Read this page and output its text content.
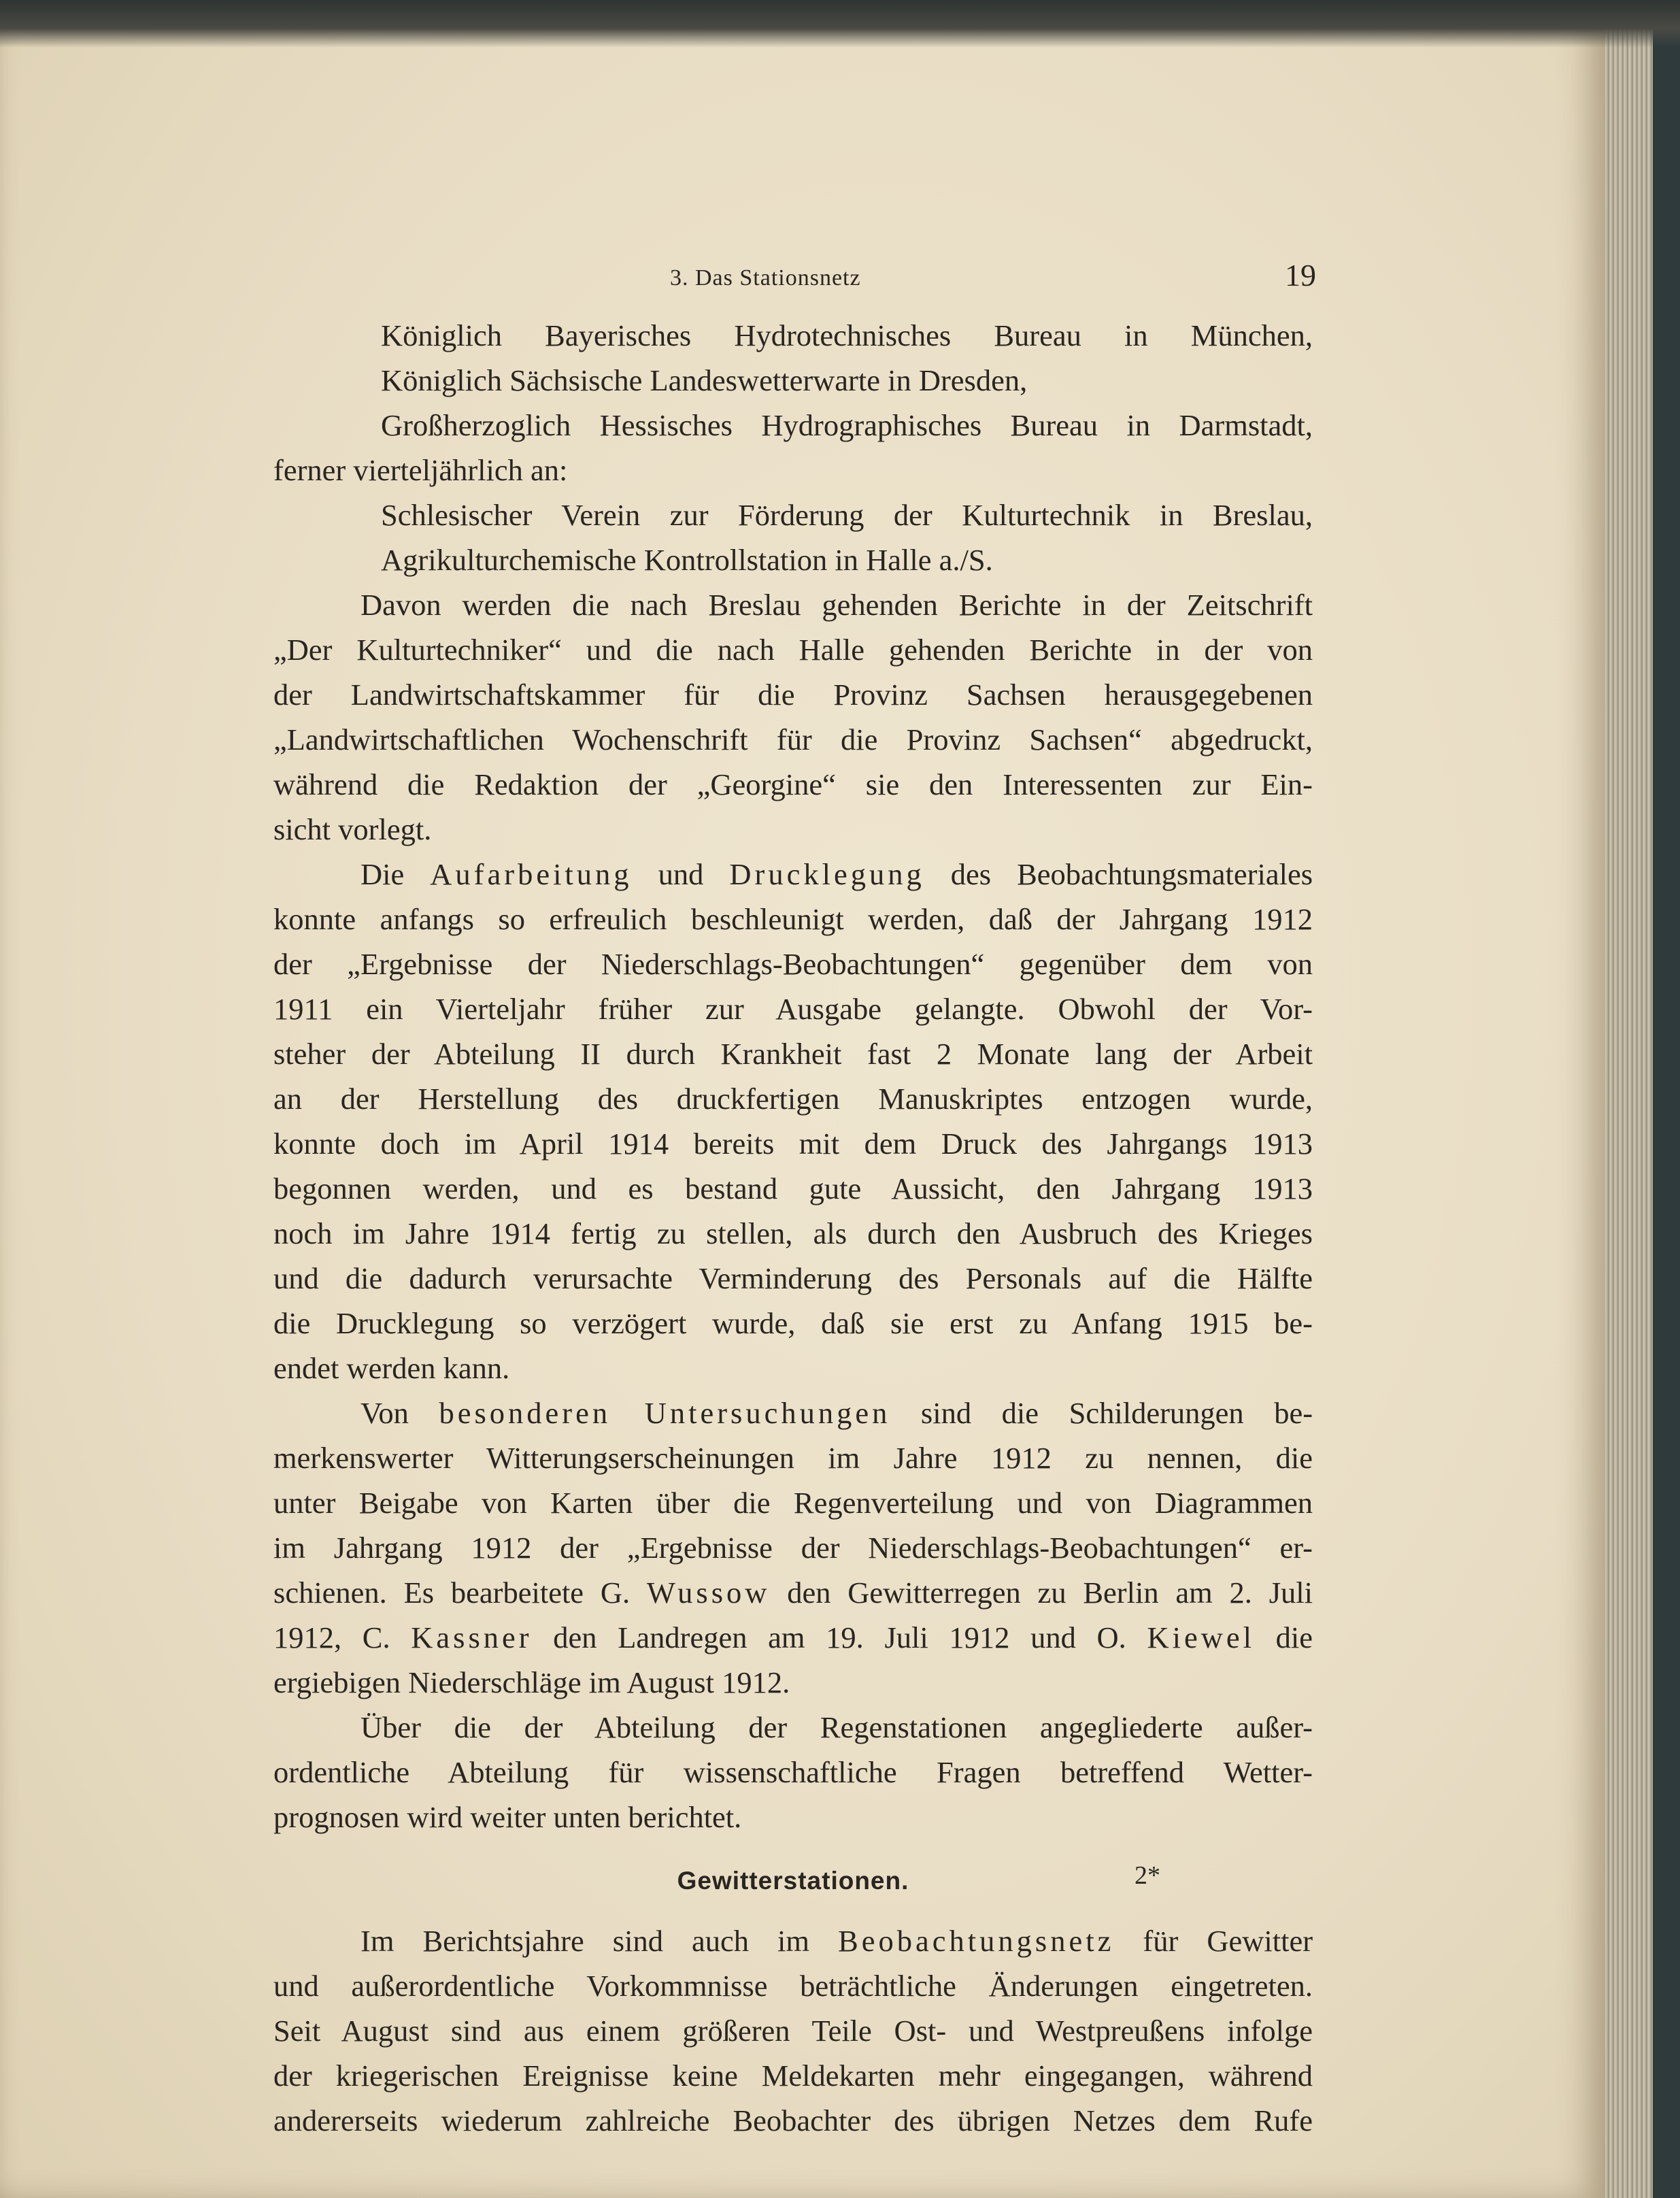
3. Das Stationsnetz	19
Königlich Bayerisches Hydrotechnisches Bureau in München,
Königlich Sächsische Landeswetterwarte in Dresden,
Großherzoglich Hessisches Hydrographisches Bureau in Darmstadt,
ferner vierteljährlich an:
Schlesischer Verein zur Förderung der Kulturtechnik in Breslau,
Agrikulturchemische Kontrollstation in Halle a./S.
Davon werden die nach Breslau gehenden Berichte in der Zeitschrift
„Der Kulturtechniker“ und die nach Halle gehenden Berichte in der von
der Landwirtschaftskammer für die Provinz Sachsen herausgegebenen
„Landwirtschaftlichen Wochenschrift für die Provinz Sachsen“ abgedruckt,
während die Redaktion der „Georgine“ sie den Interessenten zur Ein-
sicht vorlegt.
Die Aufarbeitung und Drucklegung des Beobachtungsmateriales
konnte anfangs so erfreulich beschleunigt werden, daß der Jahrgang 1912
der „Ergebnisse der Niederschlags-Beobachtungen“ gegenüber dem von
1911 ein Vierteljahr früher zur Ausgabe gelangte. Obwohl der Vor-
steher der Abteilung II durch Krankheit fast 2 Monate lang der Arbeit
an der Herstellung des druckfertigen Manuskriptes entzogen wurde,
konnte doch im April 1914 bereits mit dem Druck des Jahrgangs 1913
begonnen werden, und es bestand gute Aussicht, den Jahrgang 1913
noch im Jahre 1914 fertig zu stellen, als durch den Ausbruch des Krieges
und die dadurch verursachte Verminderung des Personals auf die Hälfte
die Drucklegung so verzögert wurde, daß sie erst zu Anfang 1915 be-
endet werden kann.
Von besonderen Untersuchungen sind die Schilderungen be-
merkenswerter Witterungserscheinungen im Jahre 1912 zu nennen, die
unter Beigabe von Karten über die Regenverteilung und von Diagrammen
im Jahrgang 1912 der „Ergebnisse der Niederschlags-Beobachtungen“ er-
schienen. Es bearbeitete G. Wussow den Gewitterregen zu Berlin am 2. Juli
1912, C. Kassner den Landregen am 19. Juli 1912 und O. Kiewel die
ergiebigen Niederschläge im August 1912.
Über die der Abteilung der Regenstationen angegliederte außer-
ordentliche Abteilung für wissenschaftliche Fragen betreffend Wetter-
prognosen wird weiter unten berichtet.
Gewitterstationen.
Im Berichtsjahre sind auch im Beobachtungsnetz für Gewitter
und außerordentliche Vorkommnisse beträchtliche Änderungen eingetreten.
Seit August sind aus einem größeren Teile Ost- und Westpreußens infolge
der kriegerischen Ereignisse keine Meldekarten mehr eingegangen, während
andererseits wiederum zahlreiche Beobachter des übrigen Netzes dem Rufe
2*
